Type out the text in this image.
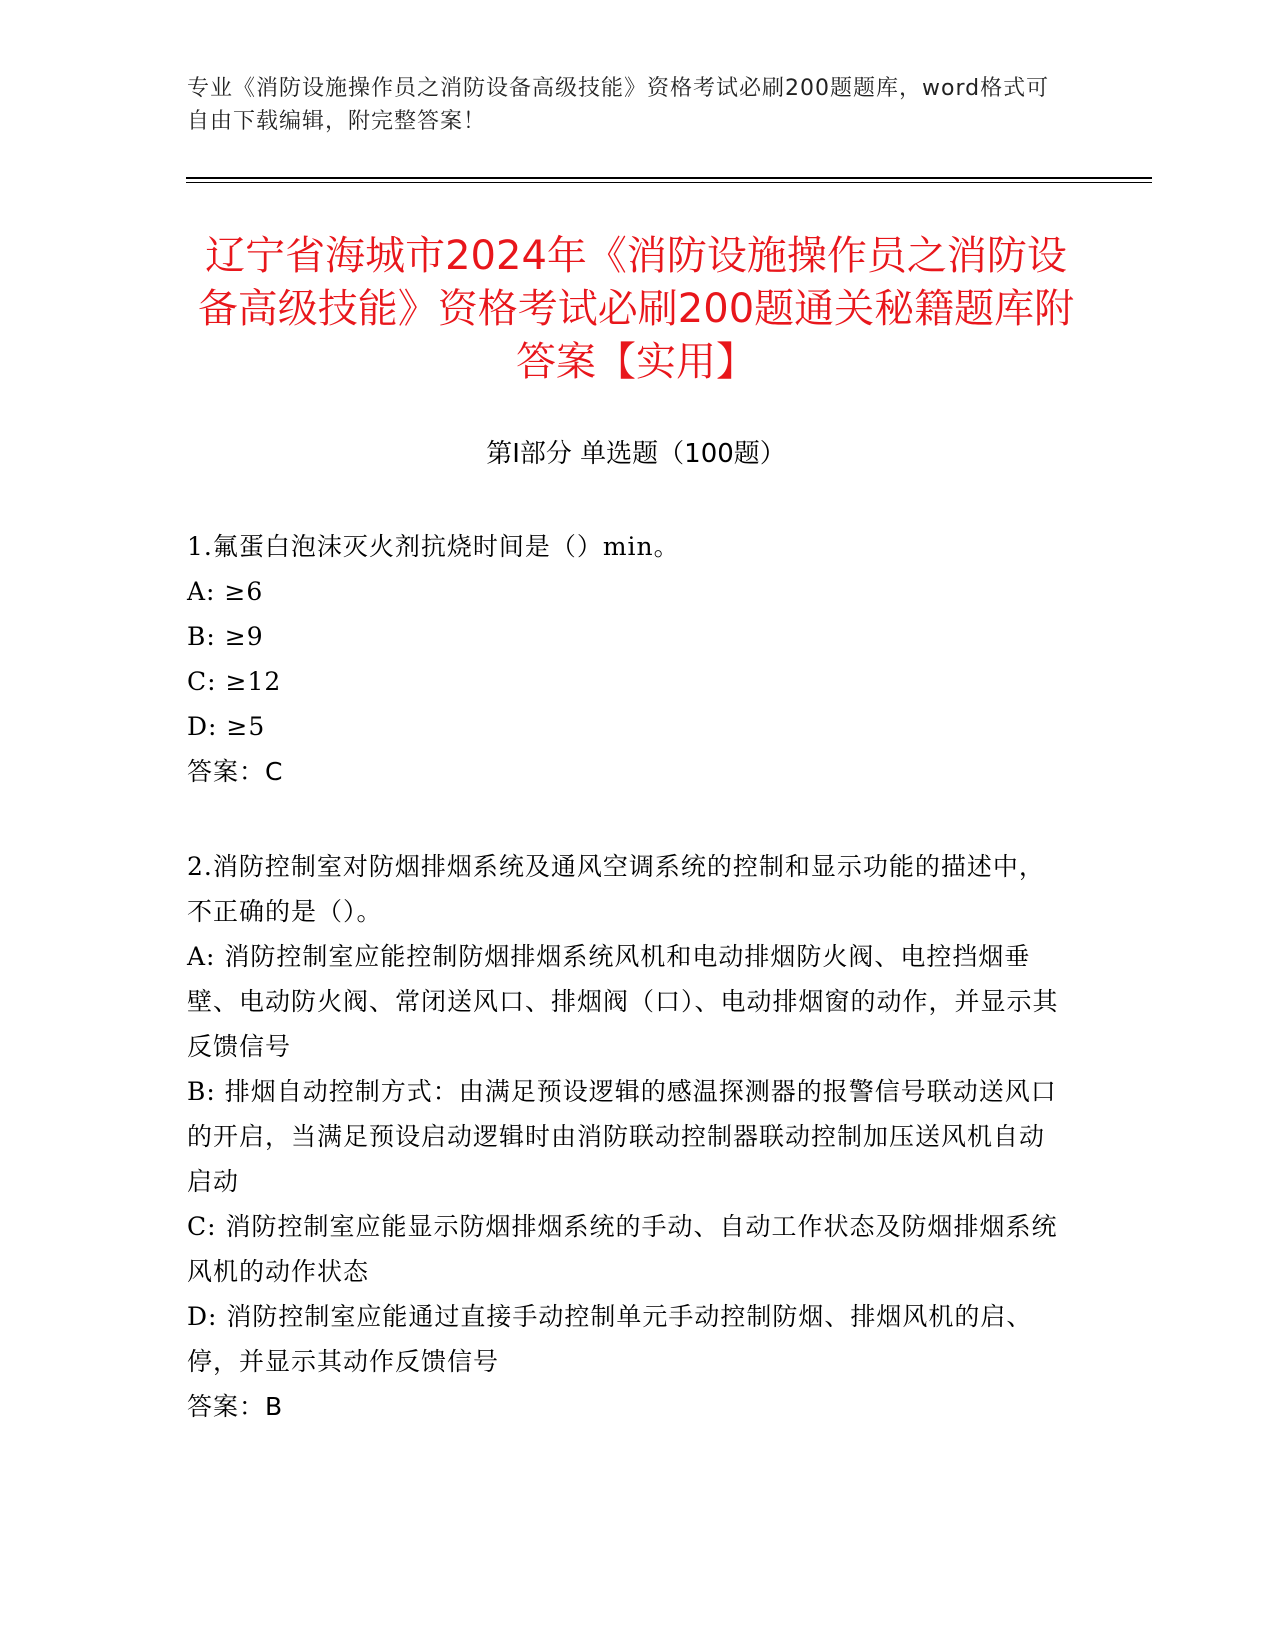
专业《消防设施操作员之消防设备高级技能》资格考试必刷200题题库，word格式可自由下载编辑，附完整答案！
辽宁省海城市2024年《消防设施操作员之消防设备高级技能》资格考试必刷200题通关秘籍题库附答案【实用】
第Ⅰ部分 单选题（100题）
1.氟蛋白泡沫灭火剂抗烧时间是（）min。
A: ≥6
B: ≥9
C: ≥12
D: ≥5
答案：C
2.消防控制室对防烟排烟系统及通风空调系统的控制和显示功能的描述中，不正确的是（）。
A: 消防控制室应能控制防烟排烟系统风机和电动排烟防火阀、电控挡烟垂壁、电动防火阀、常闭送风口、排烟阀（口）、电动排烟窗的动作，并显示其反馈信号
B: 排烟自动控制方式：由满足预设逻辑的感温探测器的报警信号联动送风口的开启，当满足预设启动逻辑时由消防联动控制器联动控制加压送风机自动启动
C: 消防控制室应能显示防烟排烟系统的手动、自动工作状态及防烟排烟系统风机的动作状态
D: 消防控制室应能通过直接手动控制单元手动控制防烟、排烟风机的启、停，并显示其动作反馈信号
答案：B
